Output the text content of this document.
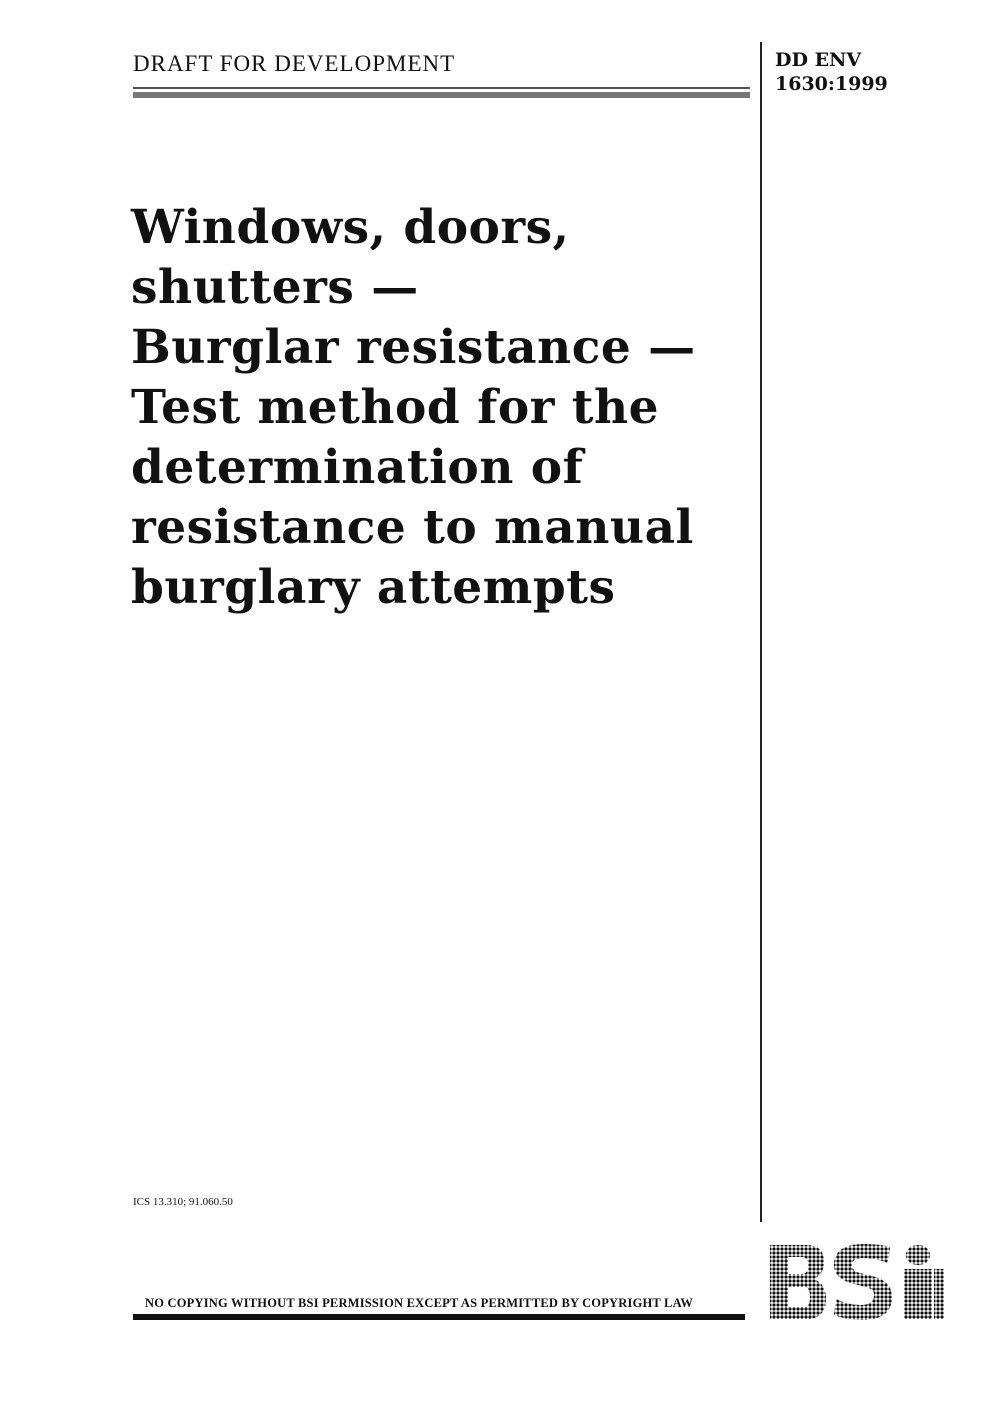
DRAFT FOR DEVELOPMENT	DD ENV
1630:1999
Windows, doors,
shutters —
Burglar resistance —
Test method for the
determination of
resistance to manual
burglary attempts
ICS 13.310; 91.060.50
NO COPYING WITHOUT BSI PERMISSION EXCEPT AS PERMITTED BY COPYRIGHT LAW
